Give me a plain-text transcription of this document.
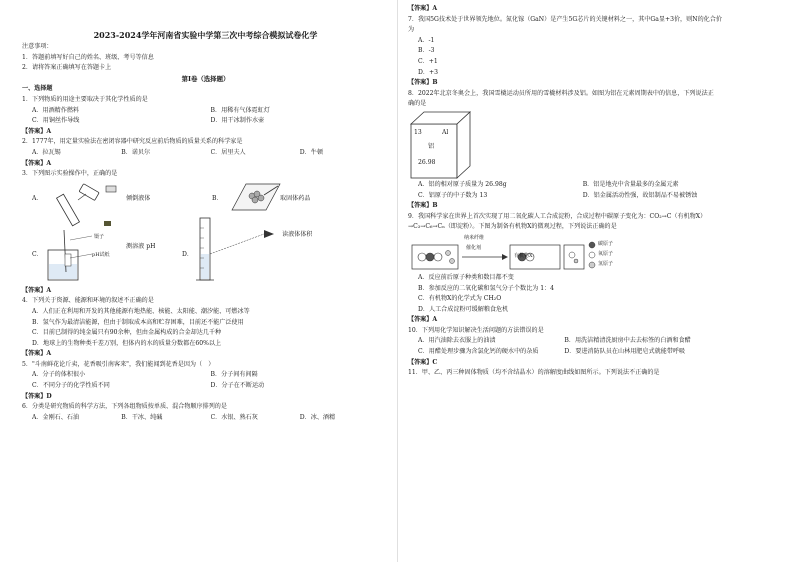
2023-2024学年河南省实验中学第三次中考综合模拟试卷化学
注意事项：
1．答题前填写好自己的姓名、班级、考号等信息
2．请将答案正确填写在答题卡上
第Ⅰ卷（选择题）
一、选择题
1．下列物质的用途主要取决于其化学性质的是
A．用酒精作燃料	B．用稀有气体霓虹灯
C．用铜丝作导线	D．用干冰制作水壶
【答案】A
2．1777年，用定量实验法在密闭容器中研究反应前后物质的质量关系的科学家是
A．拉瓦锡	B．诺贝尔	C．居里夫人	D．牛顿
【答案】A
3．下列图示实验操作中，正确的是
A．	倾倒液体	B．	取固体药品
C．
镊子
pH试纸
测溶液 pH
D．
读液体体积
【答案】A
4．下列关于资源、能源和环境的叙述不正确的是
A．人们正在利用和开发的其他能源有地热能、核能、太阳能、潮汐能、可燃冰等
B．氢气作为最清洁能源，但由于制取成本高和贮存困难，目前还不能广泛使用
C．目前已制得的纯金属只有90余种，但由金属构成的合金却达几千种
D．地球上的生物种类千差万别，但体内的水的质量分数都在60%以上
【答案】A
5．"斗南鲜花论斤卖，花香吸引南客来"，我们能闻到花香是因为（　）
A．分子的体积很小	B．分子间有间隔
C．不同分子的化学性质不同	D．分子在不断运动
【答案】D
6．分类是研究物质的科学方法，下列各组物质按单质、混合物顺序排列的是
A．金刚石、石油	B．干冰、纯碱	C．水银、熟石灰	D．冰、酒精
【答案】A
7．我国5G技术处于世界领先地位。氮化镓（GaN）是产生5G芯片的关键材料之一，其中Ga显+3价，则N的化合价
为
A．-1
B．-3
C．+1
D．+3
【答案】B
8．2022年北京冬奥会上，我国雪橇运动员所用的雪橇材料涉及铝。如图为铝在元素周期表中的信息，下列说法正
确的是
13	Al
铝
26.98
A．铝的相对原子质量为 26.98g	B．铝是地壳中含量最多的金属元素
C．铝原子的中子数为 13	D．铝金属活动性强，故铝制品不易被锈蚀
【答案】B
9．我国科学家在世界上首次实现了用二氧化碳人工合成淀粉，合成过程中碳原子变化为：CO₂→C（有机物X）
→C₃→C₆→Cₙ（即淀粉）。下图为制备有机物X的微观过程，下列说法正确的是
纳米纤维
催化剂
有机物X
碳原子
氧原子
氢原子
A．反应前后原子种类和数目都不变
B．参加反应的二氧化碳和氢气分子个数比为 1：4
C．有机物X的化学式为 CH₂O
D．人工合成淀粉可缓解粮食危机
【答案】A
10．下列用化学知识解决生活问题的方法错误的是
A．用汽油除去衣服上的油渍	B．用洗洁精清洗厨房中去去标签的白酒和食醋
C．用醋处理步骤为含氯化钙的硬水中的杂质	D．要进消防队员在山林用肥皂式就能带呼吸
【答案】C
11．甲、乙、丙三种固体物质（均不含结晶水）的溶解度曲线如图所示。下列说法不正确的是
